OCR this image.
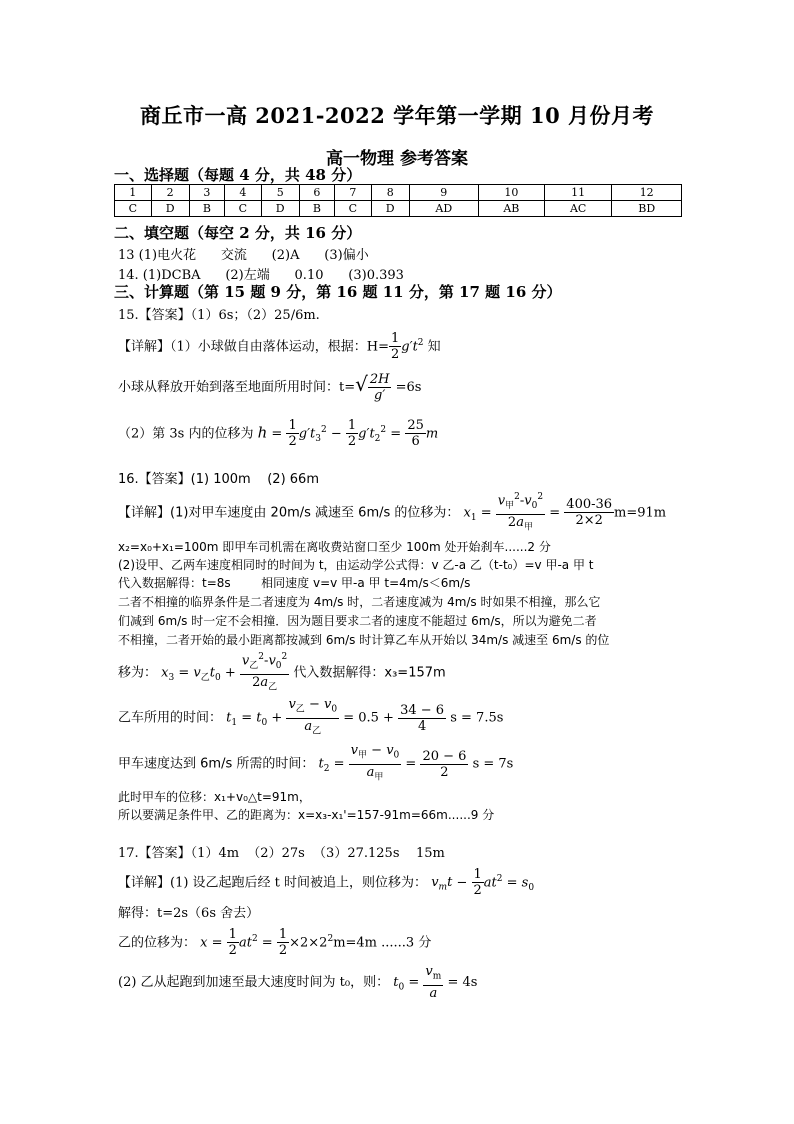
商丘市一高 2021-2022 学年第一学期 10 月份月考
高一物理 参考答案
一、选择题（每题 4 分，共 48 分）
1	2	3	4	5	6	7	8	9	10	11	12
C	D	B	C	D	B	C	D	AD	AB	AC	BD
二、填空题（每空 2 分，共 16 分）
13 (1)电火花      交流      (2)A      (3)偏小
14. (1)DCBA      (2)左端      0.10      (3)0.393
三、计算题（第 15 题 9 分，第 16 题 11 分，第 17 题 16 分）
15.【答案】（1）6s；（2）25/6m.
【详解】（1）小球做自由落体运动，根据：$H= \frac{1}{2} g't^2$ 知
小球从释放开始到落至地面所用时间：$t=√ \frac{2H}{g'} =6s$
（2）第 3s 内的位移为 $h = \frac{1}{2} g't_3^2 - \frac{1}{2} g't_2^2 = \frac{25}{6}$ m
16.【答案】(1) 100m    (2) 66m
【详解】(1)对甲车速度由 20m/s 减速至 6m/s 的位移为： $x_1 = \frac{v_甲^2-v_0^2}{2a_甲} = \frac{400-36}{2\times 2} m=91m$
x₂=x₀+x₁=100m 即甲车司机需在离收费站窗口至少 100m 处开始刹车......2 分
(2)设甲、乙两车速度相同时的时间为 t，由运动学公式得：v 乙-a 乙（t-t₀）=v 甲-a 甲 t
代入数据解得：t=8s        相同速度 v=v 甲-a 甲 t=4m/s＜6m/s
二者不相撞的临界条件是二者速度为 4m/s 时，二者速度减为 4m/s 时如果不相撞，那么它
们减到 6m/s 时一定不会相撞．因为题目要求二者的速度不能超过 6m/s，所以为避免二者
不相撞，二者开始的最小距离都按减到 6m/s 时计算乙车从开始以 34m/s 减速至 6m/s 的位
移为： $x_3 = v_乙t_0 + \frac{v_乙^2-v_0^2}{2a_乙}$ 代入数据解得：x₃=157m
乙车所用的时间： $t_1 = t_0 + \frac{v_乙 - v_0}{a_乙} = 0.5 + \frac{34 - 6}{4}$ s = 7.5s
甲车速度达到 6m/s 所需的时间： $t_2 = \frac{v_甲 - v_0}{a_甲} = \frac{20 - 6}{2}$ s = 7s
此时甲车的位移：x₁+v₀△t=91m，
所以要满足条件甲、乙的距离为：x=x₃-x₁'=157-91m=66m......9 分
17.【答案】（1）4m  （2）27s  （3）27.125s    15m
【详解】(1) 设乙起跑后经 t 时间被追上，则位移为： $v_mt - \frac{1}{2} at^2 = s_0$
解得：t=2s（6s 舍去）
乙的位移为： $x = \frac{1}{2} at^2 = \frac{1}{2} \times 2\times 2^2m=4m$ ......3 分
(2) 乙从起跑到加速至最大速度时间为 t₀，则： $t_0 = \frac{v_m}{a} = 4s$
